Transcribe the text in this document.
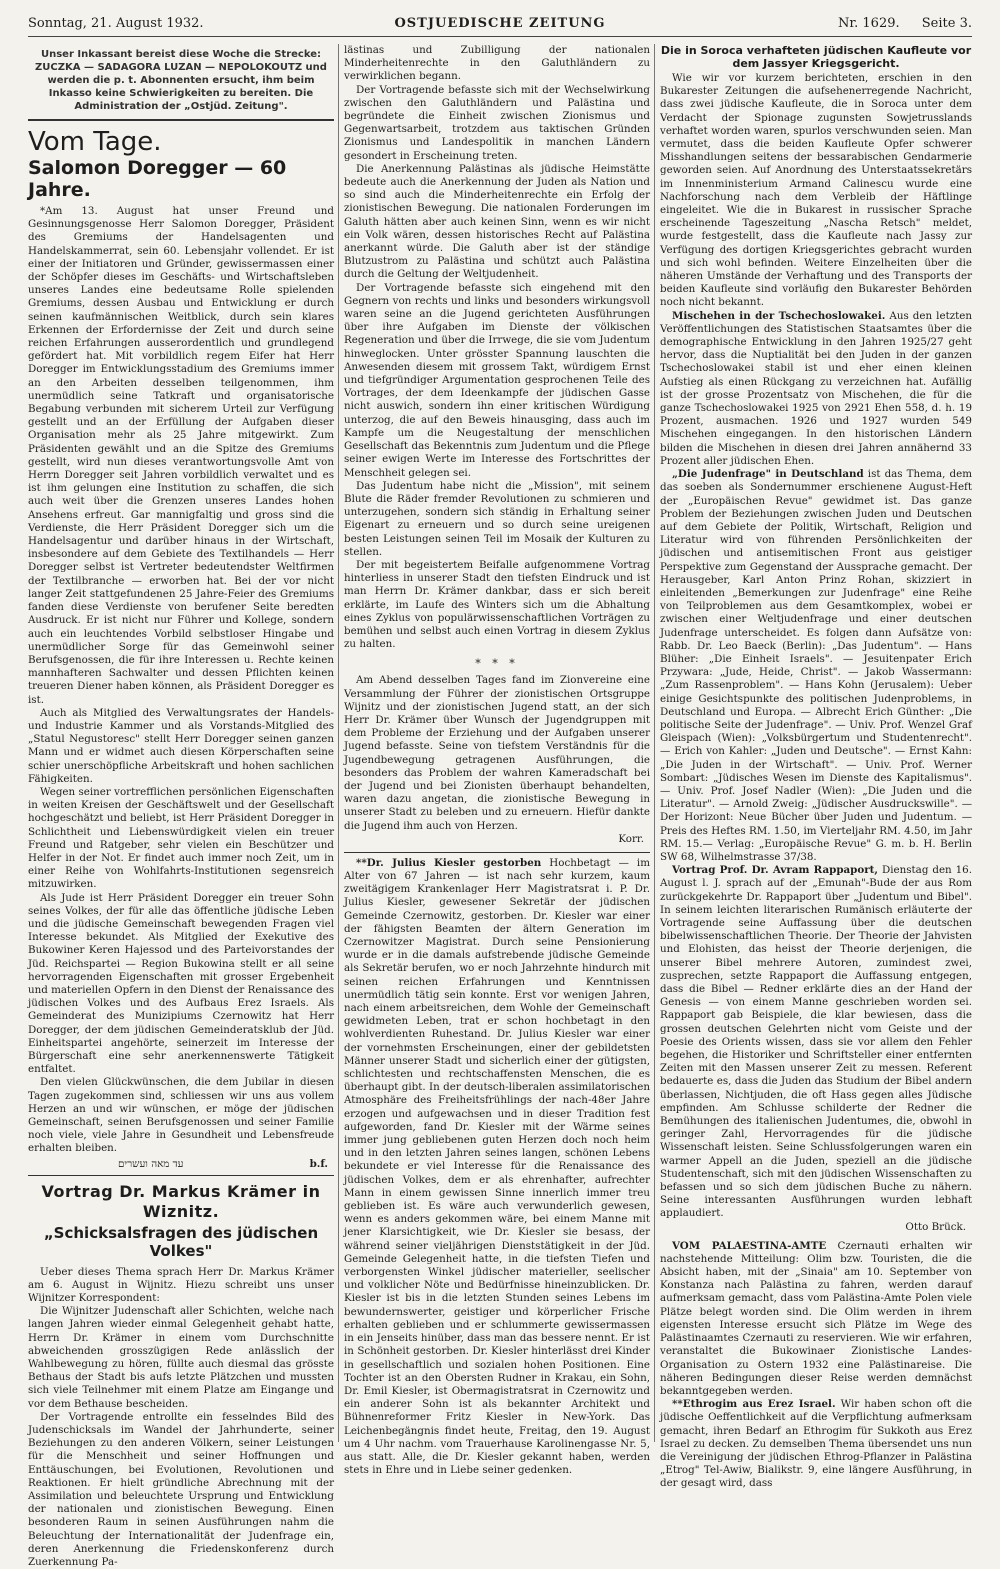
Sonntag, 21. August 1932.	OSTJUEDISCHE ZEITUNG	Nr. 1629. Seite 3.
Unser Inkassant bereist diese Woche die Strecke: ZUCZKA — SADAGORA LUZAN — NEPOLOKOUTZ und werden die p. t. Abonnenten ersucht, ihm beim Inkasso keine Schwierigkeiten zu bereiten. Die Administration der „Ostjüd. Zeitung".
Vom Tage.
Salomon Doregger — 60 Jahre.

*Am 13. August hat unser Freund und Gesinnungsgenosse Herr Salomon Doregger, Präsident des Gremiums der Handelsagenten und Handelskammerrat, sein 60. Lebensjahr vollendet. Er ist einer der Initiatoren und Gründer, gewissermassen einer der Schöpfer dieses im Geschäfts- und Wirtschaftsleben unseres Landes eine bedeutsame Rolle spielenden Gremiums, dessen Ausbau und Entwicklung er durch seinen kaufmännischen Weitblick, durch sein klares Erkennen der Erfordernisse der Zeit und durch seine reichen Erfahrungen ausserordentlich und grundlegend gefördert hat. Mit vorbildlich regem Eifer hat Herr Doregger im Entwicklungsstadium des Gremiums immer an den Arbeiten desselben teilgenommen, ihm unermüdlich seine Tatkraft und organisatorische Begabung verbunden mit sicherem Urteil zur Verfügung gestellt und an der Erfüllung der Aufgaben dieser Organisation mehr als 25 Jahre mitgewirkt. Zum Präsidenten gewählt und an die Spitze des Gremiums gestellt, wird nun dieses verantwortungsvolle Amt von Herrn Doregger seit Jahren vorbildlich verwaltet und es ist ihm gelungen eine Institution zu schaffen, die sich auch weit über die Grenzen unseres Landes hohen Ansehens erfreut. Gar mannigfaltig und gross sind die Verdienste, die Herr Präsident Doregger sich um die Handelsagentur und darüber hinaus in der Wirtschaft, insbesondere auf dem Gebiete des Textilhandels — Herr Doregger selbst ist Vertreter bedeutendster Weltfirmen der Textilbranche — erworben hat. Bei der vor nicht langer Zeit stattgefundenen 25 Jahre-Feier des Gremiums fanden diese Verdienste von berufener Seite beredten Ausdruck. Er ist nicht nur Führer und Kollege, sondern auch ein leuchtendes Vorbild selbstloser Hingabe und unermüdlicher Sorge für das Gemeinwohl seiner Berufsgenossen, die für ihre Interessen u. Rechte keinen mannhafteren Sachwalter und dessen Pflichten keinen treueren Diener haben können, als Präsident Doregger es ist.

Auch als Mitglied des Verwaltungsrates der Handels- und Industrie Kammer und als Vorstands-Mitglied des „Statul Negustoresc" stellt Herr Doregger seinen ganzen Mann und er widmet auch diesen Körperschaften seine schier unerschöpfliche Arbeitskraft und hohen sachlichen Fähigkeiten.

Wegen seiner vortrefflichen persönlichen Eigenschaften in weiten Kreisen der Geschäftswelt und der Gesellschaft hochgeschätzt und beliebt, ist Herr Präsident Doregger in Schlichtheit und Liebenswürdigkeit vielen ein treuer Freund und Ratgeber, sehr vielen ein Beschützer und Helfer in der Not. Er findet auch immer noch Zeit, um in einer Reihe von Wohlfahrts-Institutionen segensreich mitzuwirken.

Als Jude ist Herr Präsident Doregger ein treuer Sohn seines Volkes, der für alle das öffentliche jüdische Leben und die jüdische Gemeinschaft bewegenden Fragen viel Interesse bekundet. Als Mitglied der Exekutive des Bukowiner Keren Hajessod und des Parteivorstandes der Jüd. Reichspartei — Region Bukowina stellt er all seine hervorragenden Eigenschaften mit grosser Ergebenheit und materiellen Opfern in den Dienst der Renaissance des jüdischen Volkes und des Aufbaus Erez Israels. Als Gemeinderat des Munizipiums Czernowitz hat Herr Doregger, der dem jüdischen Gemeinderatsklub der Jüd. Einheitspartei angehörte, seinerzeit im Interesse der Bürgerschaft eine sehr anerkennenswerte Tätigkeit entfaltet.

Den vielen Glückwünschen, die dem Jubilar in diesen Tagen zugekommen sind, schliessen wir uns aus vollem Herzen an und wir wünschen, er möge der jüdischen Gemeinschaft, seinen Berufsgenossen und seiner Familie noch viele, viele Jahre in Gesundheit und Lebensfreude erhalten bleiben.

עד מאה ועשרים	b.f.
Vortrag Dr. Markus Krämer in Wiznitz.
„Schicksalsfragen des jüdischen Volkes"

Ueber dieses Thema sprach Herr Dr. Markus Krämer am 6. August in Wijnitz. Hiezu schreibt uns unser Wijnitzer Korrespondent:

Die Wijnitzer Judenschaft aller Schichten, welche nach langen Jahren wieder einmal Gelegenheit gehabt hatte, Herrn Dr. Krämer in einem vom Durchschnitte abweichenden grosszügigen Rede anlässlich der Wahlbewegung zu hören, füllte auch diesmal das grösste Bethaus der Stadt bis aufs letzte Plätzchen und mussten sich viele Teilnehmer mit einem Platze am Eingange und vor dem Bethause bescheiden.

Der Vortragende entrollte ein fesselndes Bild des Judenschicksals im Wandel der Jahrhunderte, seiner Beziehungen zu den anderen Völkern, seiner Leistungen für die Menschheit und seiner Hoffnungen und Enttäuschungen, bei Evolutionen, Revolutionen und Reaktionen. Er hielt gründliche Abrechnung mit der Assimilation und beleuchtete Ursprung und Entwicklung der nationalen und zionistischen Bewegung. Einen besonderen Raum in seinen Ausführungen nahm die Beleuchtung der Internationalität der Judenfrage ein, deren Anerkennung die Friedenskonferenz durch Zuerkennung Pa-

lästinas und Zubilligung der nationalen Minderheitenrechte in den Galuthländern zu verwirklichen begann.

Der Vortragende befasste sich mit der Wechselwirkung zwischen den Galuthländern und Palästina und begründete die Einheit zwischen Zionismus und Gegenwartsarbeit, trotzdem aus taktischen Gründen Zionismus und Landespolitik in manchen Ländern gesondert in Erscheinung treten.

Die Anerkennung Palästinas als jüdische Heimstätte bedeute auch die Anerkennung der Juden als Nation und so sind auch die Minderheitenrechte ein Erfolg der zionistischen Bewegung. Die nationalen Forderungen im Galuth hätten aber auch keinen Sinn, wenn es wir nicht ein Volk wären, dessen historisches Recht auf Palästina anerkannt würde. Die Galuth aber ist der ständige Blutzustrom zu Palästina und schützt auch Palästina durch die Geltung der Weltjudenheit.

Der Vortragende befasste sich eingehend mit den Gegnern von rechts und links und besonders wirkungsvoll waren seine an die Jugend gerichteten Ausführungen über ihre Aufgaben im Dienste der völkischen Regeneration und über die Irrwege, die sie vom Judentum hinweglocken. Unter grösster Spannung lauschten die Anwesenden diesem mit grossem Takt, würdigem Ernst und tiefgründiger Argumentation gesprochenen Teile des Vortrages, der dem Ideenkampfe der jüdischen Gasse nicht auswich, sondern ihn einer kritischen Würdigung unterzog, die auf den Beweis hinausging, dass auch im Kampfe um die Neugestaltung der menschlichen Gesellschaft das Bekenntnis zum Judentum und die Pflege seiner ewigen Werte im Interesse des Fortschrittes der Menschheit gelegen sei.

Das Judentum habe nicht die „Mission", mit seinem Blute die Räder fremder Revolutionen zu schmieren und unterzugehen, sondern sich ständig in Erhaltung seiner Eigenart zu erneuern und so durch seine ureigenen besten Leistungen seinen Teil im Mosaik der Kulturen zu stellen.

Der mit begeistertem Beifalle aufgenommene Vortrag hinterliess in unserer Stadt den tiefsten Eindruck und ist man Herrn Dr. Krämer dankbar, dass er sich bereit erklärte, im Laufe des Winters sich um die Abhaltung eines Zyklus von populärwissenschaftlichen Vorträgen zu bemühen und selbst auch einen Vortrag in diesem Zyklus zu halten.

* * *

Am Abend desselben Tages fand im Zionvereine eine Versammlung der Führer der zionistischen Ortsgruppe Wijnitz und der zionistischen Jugend statt, an der sich Herr Dr. Krämer über Wunsch der Jugendgruppen mit dem Probleme der Erziehung und der Aufgaben unserer Jugend befasste. Seine von tiefstem Verständnis für die Jugendbewegung getragenen Ausführungen, die besonders das Problem der wahren Kameradschaft bei der Jugend und bei Zionisten überhaupt behandelten, waren dazu angetan, die zionistische Bewegung in unserer Stadt zu beleben und zu erneuern. Hiefür dankte die Jugend ihm auch von Herzen.

Korr.

**Dr. Julius Kiesler gestorben Hochbetagt — im Alter von 67 Jahren — ist nach sehr kurzem, kaum zweitägigem Krankenlager Herr Magistratsrat i. P. Dr. Julius Kiesler, gewesener Sekretär der jüdischen Gemeinde Czernowitz, gestorben. Dr. Kiesler war einer der fähigsten Beamten der ältern Generation im Czernowitzer Magistrat. Durch seine Pensionierung wurde er in die damals aufstrebende jüdische Gemeinde als Sekretär berufen, wo er noch Jahrzehnte hindurch mit seinen reichen Erfahrungen und Kenntnissen unermüdlich tätig sein konnte. Erst vor wenigen Jahren, nach einem arbeitsreichen, dem Wohle der Gemeinschaft gewidmeten Leben, trat er schon hochbetagt in den wohlverdienten Ruhestand. Dr. Julius Kiesler war einer der vornehmsten Erscheinungen, einer der gebildetsten Männer unserer Stadt und sicherlich einer der gütigsten, schlichtesten und rechtschaffensten Menschen, die es überhaupt gibt. In der deutsch-liberalen assimilatorischen Atmosphäre des Freiheitsfrühlings der nach-48er Jahre erzogen und aufgewachsen und in dieser Tradition fest aufgeworden, fand Dr. Kiesler mit der Wärme seines immer jung gebliebenen guten Herzen doch noch heim und in den letzten Jahren seines langen, schönen Lebens bekundete er viel Interesse für die Renaissance des jüdischen Volkes, dem er als ehrenhafter, aufrechter Mann in einem gewissen Sinne innerlich immer treu geblieben ist. Es wäre auch verwunderlich gewesen, wenn es anders gekommen wäre, bei einem Manne mit jener Klarsichtigkeit, wie Dr. Kiesler sie besass, der während seiner vieljährigen Dienststätigkeit in der Jüd. Gemeinde Gelegenheit hatte, in die tiefsten Tiefen und verborgensten Winkel jüdischer materieller, seelischer und volklicher Nöte und Bedürfnisse hineinzublicken. Dr. Kiesler ist bis in die letzten Stunden seines Lebens im bewundernswerter, geistiger und körperlicher Frische erhalten geblieben und er schlummerte gewissermassen in ein Jenseits hinüber, dass man das bessere nennt. Er ist in Schönheit gestorben. Dr. Kiesler hinterlässt drei Kinder in gesellschaftlich und sozialen hohen Positionen. Eine Tochter ist an den Obersten Rudner in Krakau, ein Sohn, Dr. Emil Kiesler, ist Obermagistratsrat in Czernowitz und ein anderer Sohn ist als bekannter Architekt und Bühnenreformer Fritz Kiesler in New-York. Das Leichenbegängnis findet heute, Freitag, den 19. August um 4 Uhr nachm. vom Trauerhause Karolinengasse Nr. 5, aus statt. Alle, die Dr. Kiesler gekannt haben, werden stets in Ehre und in Liebe seiner gedenken.

Die in Soroca verhafteten jüdischen Kaufleute vor dem Jassyer Kriegsgericht.

Wie wir vor kurzem berichteten, erschien in den Bukarester Zeitungen die aufsehenerregende Nachricht, dass zwei jüdische Kaufleute, die in Soroca unter dem Verdacht der Spionage zugunsten Sowjetrusslands verhaftet worden waren, spurlos verschwunden seien. Man vermutet, dass die beiden Kaufleute Opfer schwerer Misshandlungen seitens der bessarabischen Gendarmerie geworden seien. Auf Anordnung des Unterstaatssekretärs im Innenministerium Armand Calinescu wurde eine Nachforschung nach dem Verbleib der Häftlinge eingeleitet. Wie die in Bukarest in russischer Sprache erscheinende Tageszeitung „Nascha Retsch" meldet, wurde festgestellt, dass die Kaufleute nach Jassy zur Verfügung des dortigen Kriegsgerichtes gebracht wurden und sich wohl befinden. Weitere Einzelheiten über die näheren Umstände der Verhaftung und des Transports der beiden Kaufleute sind vorläufig den Bukarester Behörden noch nicht bekannt.

Mischehen in der Tschechoslowakei. Aus den letzten Veröffentlichungen des Statistischen Staatsamtes über die demographische Entwicklung in den Jahren 1925/27 geht hervor, dass die Nuptialität bei den Juden in der ganzen Tschechoslowakei stabil ist und eher einen kleinen Aufstieg als einen Rückgang zu verzeichnen hat. Aufällig ist der grosse Prozentsatz von Mischehen, die für die ganze Tschechoslowakei 1925 von 2921 Ehen 558, d. h. 19 Prozent, ausmachen. 1926 und 1927 wurden 549 Mischehen eingegangen. In den historischen Ländern bilden die Mischehen in diesen drei Jahren annähernd 33 Prozent aller jüdischen Ehen.

„Die Judenfrage" in Deutschland ist das Thema, dem das soeben als Sondernummer erschienene August-Heft der „Europäischen Revue" gewidmet ist. Das ganze Problem der Beziehungen zwischen Juden und Deutschen auf dem Gebiete der Politik, Wirtschaft, Religion und Literatur wird von führenden Persönlichkeiten der jüdischen und antisemitischen Front aus geistiger Perspektive zum Gegenstand der Aussprache gemacht. Der Herausgeber, Karl Anton Prinz Rohan, skizziert in einleitenden „Bemerkungen zur Judenfrage" eine Reihe von Teilproblemen aus dem Gesamtkomplex, wobei er zwischen einer Weltjudenfrage und einer deutschen Judenfrage unterscheidet. Es folgen dann Aufsätze von: Rabb. Dr. Leo Baeck (Berlin): „Das Judentum". — Hans Blüher: „Die Einheit Israels". — Jesuitenpater Erich Przywara: „Jude, Heide, Christ". — Jakob Wassermann: „Zum Rassenproblem". — Hans Kohn (Jerusalem): Ueber einige Gesichtspunkte des politischen Judenproblems, in Deutschland und Europa. — Albrecht Erich Günther: „Die politische Seite der Judenfrage". — Univ. Prof. Wenzel Graf Gleispach (Wien): „Volksbürgertum und Studentenrecht". — Erich von Kahler: „Juden und Deutsche". — Ernst Kahn: „Die Juden in der Wirtschaft". — Univ. Prof. Werner Sombart: „Jüdisches Wesen im Dienste des Kapitalismus". — Univ. Prof. Josef Nadler (Wien): „Die Juden und die Literatur". — Arnold Zweig: „Jüdischer Ausdruckswille". — Der Horizont: Neue Bücher über Juden und Judentum. — Preis des Heftes RM. 1.50, im Vierteljahr RM. 4.50, im Jahr RM. 15.— Verlag: „Europäische Revue" G. m. b. H. Berlin SW 68, Wilhelmstrasse 37/38.

Vortrag Prof. Dr. Avram Rappaport, Dienstag den 16. August l. J. sprach auf der „Emunah"-Bude der aus Rom zurückgekehrte Dr. Rappaport über „Judentum und Bibel". In seinem leichten literarischen Rumänisch erläuterte der Vortragende seine Auffassung über die deutschen bibelwissenschaftlichen Theorie. Der Theorie der Jahvisten und Elohisten, das heisst der Theorie derjenigen, die unserer Bibel mehrere Autoren, zumindest zwei, zusprechen, setzte Rappaport die Auffassung entgegen, dass die Bibel — Redner erklärte dies an der Hand der Genesis — von einem Manne geschrieben worden sei. Rappaport gab Beispiele, die klar bewiesen, dass die grossen deutschen Gelehrten nicht vom Geiste und der Poesie des Orients wissen, dass sie vor allem den Fehler begehen, die Historiker und Schriftsteller einer entfernten Zeiten mit den Massen unserer Zeit zu messen. Referent bedauerte es, dass die Juden das Studium der Bibel andern überlassen, Nichtjuden, die oft Hass gegen alles Jüdische empfinden. Am Schlusse schilderte der Redner die Bemühungen des italienischen Judentumes, die, obwohl in geringer Zahl, Hervorragendes für die jüdische Wissenschaft leisten. Seine Schlussfolgerungen waren ein warmer Appell an die Juden, speziell an die jüdische Studentenschaft, sich mit den jüdischen Wissenschaften zu befassen und so sich dem jüdischen Buche zu nähern. Seine interessanten Ausführungen wurden lebhaft applaudiert.

Otto Brück.

VOM PALAESTINA-AMTE Czernauti erhalten wir nachstehende Mitteilung: Olim bzw. Touristen, die die Absicht haben, mit der „Sinaia" am 10. September von Konstanza nach Palästina zu fahren, werden darauf aufmerksam gemacht, dass vom Palästina-Amte Polen viele Plätze belegt worden sind. Die Olim werden in ihrem eigensten Interesse ersucht sich Plätze im Wege des Palästinaamtes Czernauti zu reservieren. Wie wir erfahren, veranstaltet die Bukowinaer Zionistische Landes-Organisation zu Ostern 1932 eine Palästinareise. Die näheren Bedingungen dieser Reise werden demnächst bekanntgegeben werden.

**Ethrogim aus Erez Israel. Wir haben schon oft die jüdische Oeffentlichkeit auf die Verpflichtung aufmerksam gemacht, ihren Bedarf an Ethrogim für Sukkoth aus Erez Israel zu decken. Zu demselben Thema übersendet uns nun die Vereinigung der jüdischen Ethrog-Pflanzer in Palästina „Etrog" Tel-Awiw, Bialikstr. 9, eine längere Ausführung, in der gesagt wird, dass
